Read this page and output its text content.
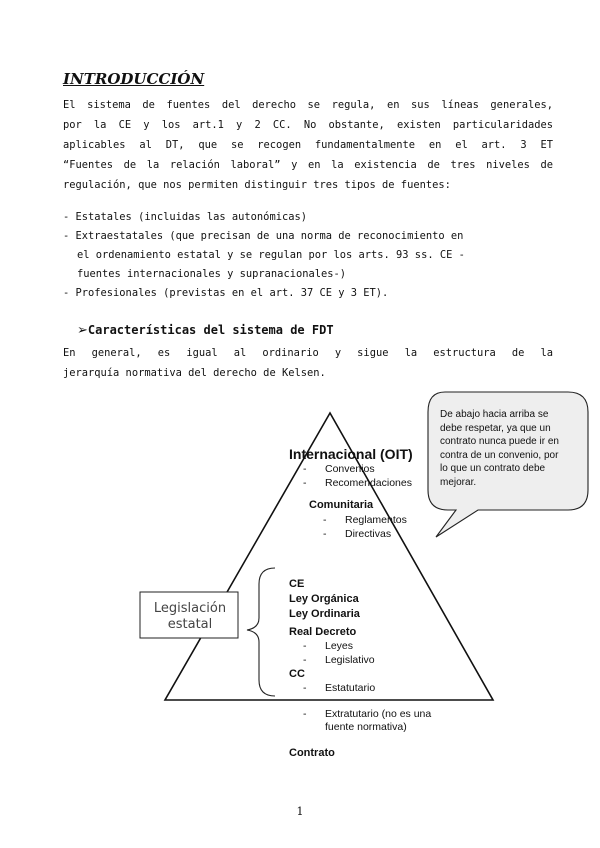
INTRODUCCIÓN
El sistema de fuentes del derecho se regula, en sus líneas generales,
por la CE y los art.1 y 2 CC. No obstante, existen particularidades
aplicables al DT, que se recogen fundamentalmente en el art. 3 ET
“Fuentes de la relación laboral” y en la existencia de tres niveles de
regulación, que nos permiten distinguir tres tipos de fuentes:
- Estatales (incluidas las autonómicas)
- Extraestatales (que precisan de una norma de reconocimiento en
el ordenamiento estatal y se regulan por los arts. 93 ss. CE -
fuentes internacionales y supranacionales-)
- Profesionales (previstas en el art. 37 CE y 3 ET).
➢Características del sistema de FDT
En general, es igual al ordinario y sigue la estructura de la
jerarquía normativa del derecho de Kelsen.
De abajo hacia arriba se debe respetar, ya que un contrato nunca puede ir en contra de un convenio, por lo que un contrato debe mejorar.
Legislación
estatal
Internacional (OIT)
- Convenios
- Recomendaciones
Comunitaria
- Reglamentos
- Directivas
CE
Ley Orgánica
Ley Ordinaria
Real Decreto
- Leyes
- Legislativo
CC
- Estatutario
- Extratutario (no es una
fuente normativa)
Contrato
1
